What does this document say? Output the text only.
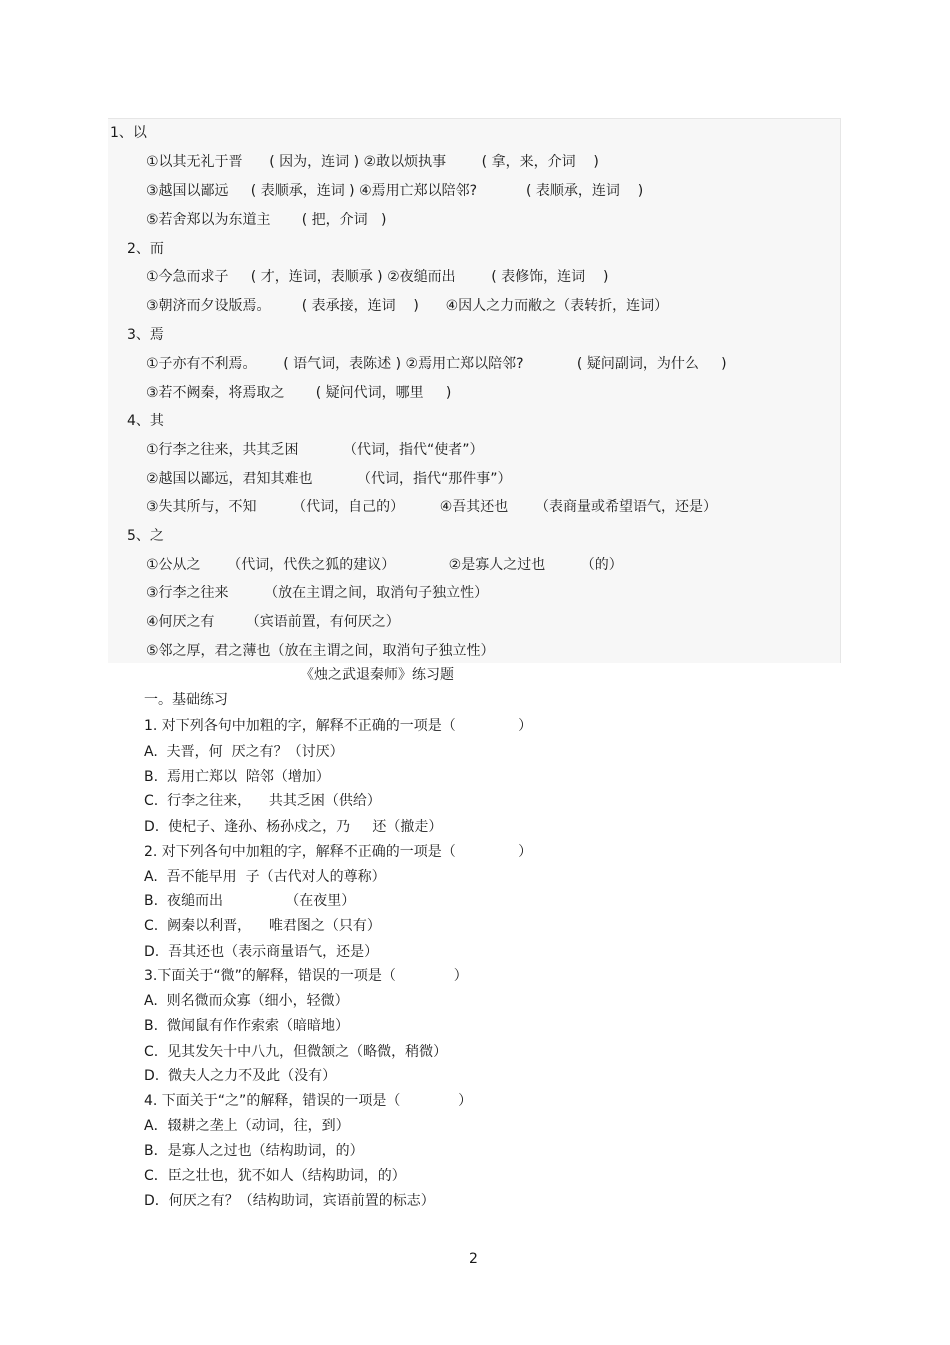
1、以
①以其无礼于晋      ( 因为，连词 ) ②敢以烦执事        ( 拿，来，介词    )
③越国以鄙远     ( 表顺承，连词 ) ④焉用亡郑以陪邻?           ( 表顺承，连词    )
⑤若舍郑以为东道主       ( 把，介词   )
2、而
①今急而求子     ( 才，连词，表顺承 ) ②夜缒而出        ( 表修饰，连词    )
③朝济而夕设版焉。       ( 表承接，连词    )      ④因人之力而敝之（表转折，连词）
3、焉
①子亦有不利焉。      ( 语气词，表陈述 ) ②焉用亡郑以陪邻?            ( 疑问副词，为什么     )
③若不阙秦，将焉取之       ( 疑问代词，哪里     )
4、其
①行李之往来，共其乏困          （代词，指代“使者”）
②越国以鄙远，君知其难也          （代词，指代“那件事”）
③失其所与，不知        （代词，自己的）        ④吾其还也      （表商量或希望语气，还是）
5、之
①公从之      （代词，代佚之狐的建议）            ②是寡人之过也        （的）
③行李之往来        （放在主谓之间，取消句子独立性）
④何厌之有       （宾语前置，有何厌之）
⑤邻之厚，君之薄也（放在主谓之间，取消句子独立性）
《烛之武退秦师》练习题
一。基础练习
1. 对下列各句中加粗的字，解释不正确的一项是（              ）
A.  夫晋，何  厌之有？（讨厌）
B.  焉用亡郑以  陪邻（增加）
C.  行李之往来，    共其乏困（供给）
D.  使杞子、逢孙、杨孙戍之，乃     还（撤走）
2. 对下列各句中加粗的字，解释不正确的一项是（              ）
A.  吾不能早用  子（古代对人的尊称）
B.  夜缒而出              （在夜里）
C.  阙秦以利晋，    唯君图之（只有）
D.  吾其还也（表示商量语气，还是）
3.下面关于“微”的解释，错误的一项是（             ）
A.  则名微而众寡（细小，轻微）
B.  微闻鼠有作作索索（暗暗地）
C.  见其发矢十中八九，但微颔之（略微，稍微）
D.  微夫人之力不及此（没有）
4. 下面关于“之”的解释，错误的一项是（             ）
A．辍耕之垄上（动词，往，到）
B．是寡人之过也（结构助词，的）
C．臣之壮也，犹不如人（结构助词，的）
D．何厌之有？（结构助词，宾语前置的标志）
2
